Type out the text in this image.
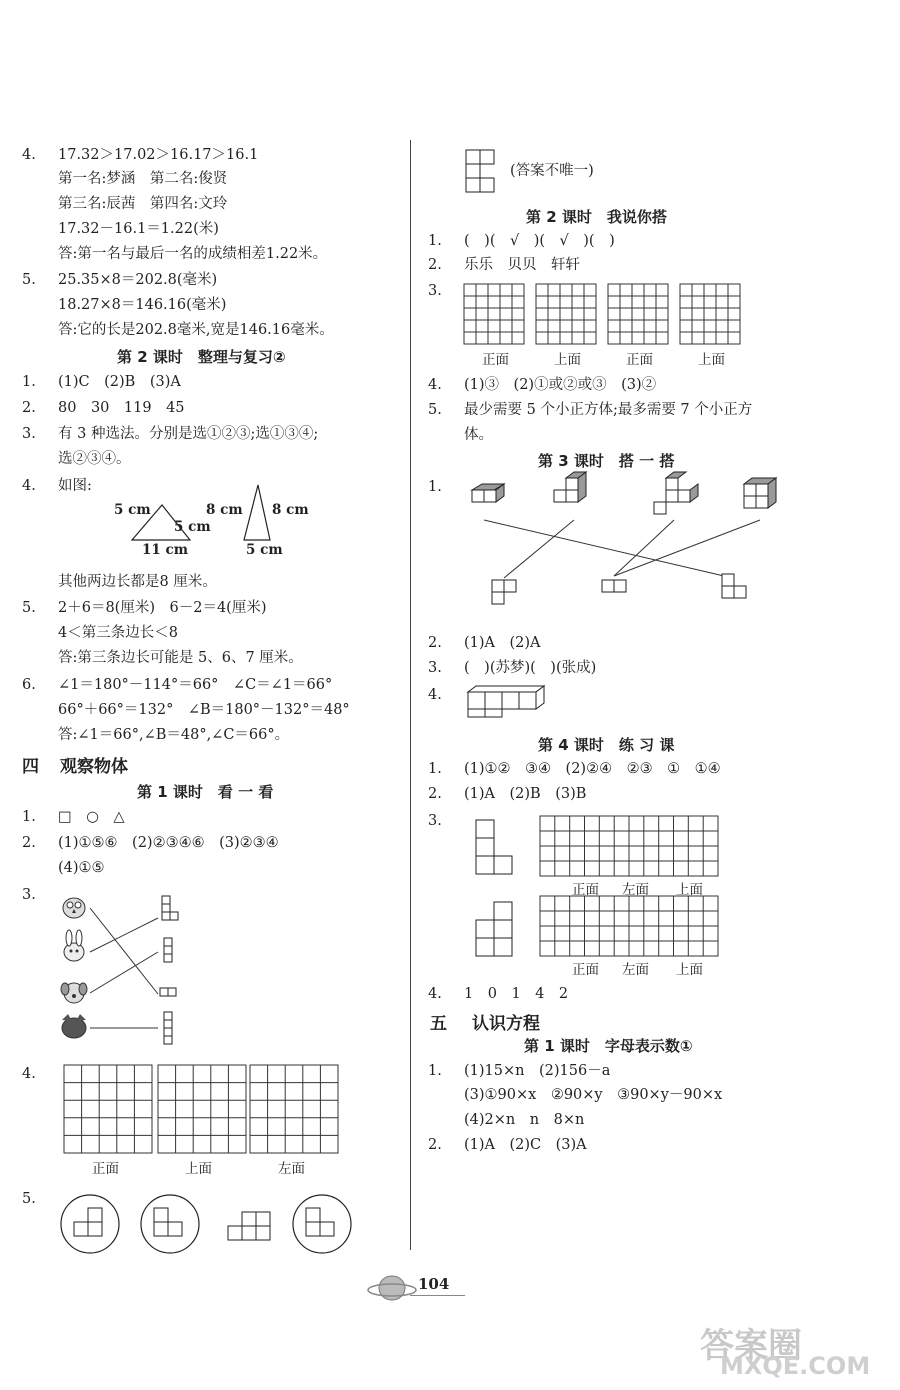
4. 17.32＞17.02＞16.17＞16.1
第一名:梦涵　第二名:俊贤
第三名:辰茜　第四名:文玲
17.32－16.1＝1.22(米)
答:第一名与最后一名的成绩相差1.22米。
5. 25.35×8＝202.8(毫米)
18.27×8＝146.16(毫米)
答:它的长是202.8毫米,宽是146.16毫米。
第 2 课时　整理与复习②
1. (1)C　(2)B　(3)A
2. 80　30　119　45
3. 有 3 种选法。分别是选①②③;选①③④;
选②③④。
4. 如图:
5 cm
5 cm
11 cm
8 cm 8 cm
5 cm
其他两边长都是8 厘米。
5. 2＋6＝8(厘米)　6－2＝4(厘米)
4＜第三条边长＜8
答:第三条边长可能是 5、6、7 厘米。
6. ∠1＝180°－114°＝66°　∠C＝∠1＝66°
66°＋66°＝132°　∠B＝180°－132°＝48°
答:∠1＝66°,∠B＝48°,∠C＝66°。
四 观察物体
第 1 课时　看 一 看
1. □　○　△
2. (1)①⑤⑥　(2)②③④⑥　(3)②③④
(4)①⑤
3.
4.
正面	上面	左面
5.
(答案不唯一)
第 2 课时　我说你搭
1. (　)(　√　)(　√　)(　)
2. 乐乐　贝贝　轩轩
3.
正面	上面	正面	上面
4. (1)③　(2)①或②或③　(3)②
5. 最少需要 5 个小正方体;最多需要 7 个小正方
体。
第 3 课时　搭 一 搭
1.
2. (1)A　(2)A
3. (　)(苏梦)(　)(张成)
4.
第 4 课时　练 习 课
1. (1)①②　③④　(2)②④　②③　①　①④
2. (1)A　(2)B　(3)B
3.
正面 左面 上面
正面 左面 上面
4. 1　0　1　4　2
五 认识方程
第 1 课时　字母表示数①
1. (1)15×n　(2)156－a
(3)①90×x　②90×y　③90×y－90×x
(4)2×n　n　8×n
2. (1)A　(2)C　(3)A
104
答案圈
MXQE.COM
